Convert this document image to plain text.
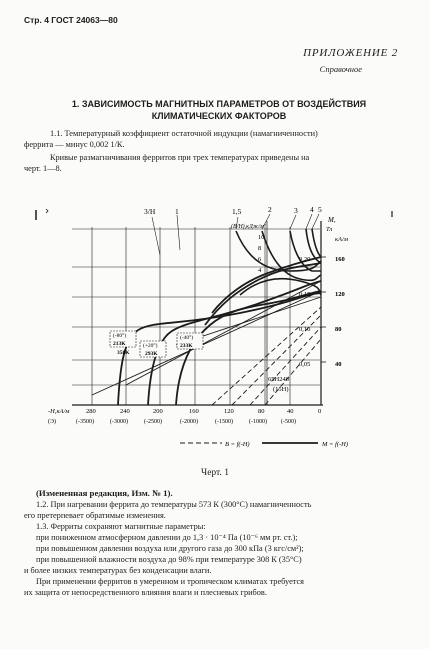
Стр. 4 ГОСТ 24063—80
ПРИЛОЖЕНИЕ 2
Справочное
1. ЗАВИСИМОСТЬ МАГНИТНЫХ ПАРАМЕТРОВ ОТ ВОЗДЕЙСТВИЯ КЛИМАТИЧЕСКИХ ФАКТОРОВ
1.1. Температурный коэффициент остаточной индукции (намагниченности)
феррита — минус 0,002 1/К.
Кривые размагничивания ферритов при трех температурах приведены на
черт. 1—8.
3/H	1	1,5	2	3 4 5
(B/H),кДж/м³
10
8
6
4
M,
Тл
кА/м
0,20
0,15
0,10
0,05
160
120
80
40
(-80°)
213K	(+20°)
358K	293K
(-40°)
233K
65Н240
(15Н)
-H,кА/м	280	240	200	160	120	80	40	0
(Э)	(-3500)	(-3000)	(-2500)	(-2000)	(-1500)	(-1000) (-500)
B = f(-H)	M = f(-H)
Черт. 1
(Измененная редакция, Изм. № 1).
1.2. При нагревании феррита до температуры 573 К (300°С) намагниченность
его претерпевает обратимые изменения.
1.3. Ферриты сохраняют магнитные параметры:
при пониженном атмосферном давлении до 1,3 · 10⁻⁴ Па (10⁻⁶ мм рт. ст.);
при повышенном давлении воздуха или другого газа до 300 кПа (3 кгс/см²);
при повышенной влажности воздуха до 98% при температуре 308 К (35°С)
и более низких температурах без конденсации влаги.
При применении ферритов в умеренном и тропическом климатах требуется
их защита от непосредственного влияния влаги и плесневых грибов.
